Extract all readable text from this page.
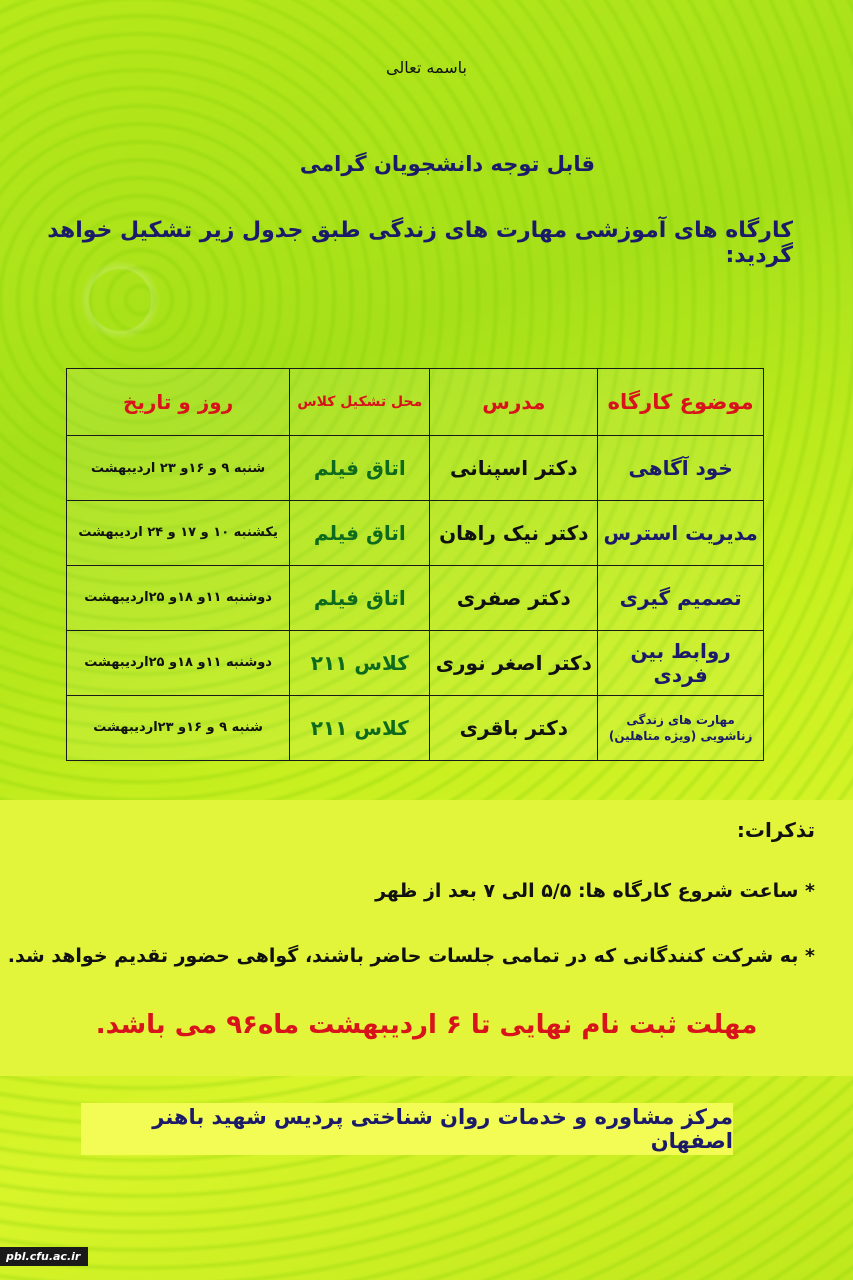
باسمه تعالی
قابل توجه دانشجویان گرامی
کارگاه های آموزشی مهارت های زندگی طبق جدول زیر تشکیل خواهد گردید:
موضوع کارگاه	مدرس	محل تشکیل کلاس	روز و تاریخ
خود آگاهی	دکتر اسپنانی	اتاق فیلم	شنبه ۹ و ۱۶و ۲۳ اردیبهشت
مدیریت استرس	دکتر نیک راهان	اتاق فیلم	یکشنبه ۱۰ و ۱۷ و ۲۴ اردیبهشت
تصمیم گیری	دکتر صفری	اتاق فیلم	دوشنبه ۱۱و ۱۸و ۲۵اردیبهشت
روابط بین فردی	دکتر اصغر نوری	کلاس ۲۱۱	دوشنبه ۱۱و ۱۸و ۲۵اردیبهشت
مهارت های زندگی زناشویی (ویژه متاهلین)	دکتر باقری	کلاس ۲۱۱	شنبه ۹ و ۱۶و ۲۳اردیبهشت
تذکرات:
* ساعت شروع کارگاه ها: ۵/۵ الی ۷ بعد از ظهر
* به شرکت کنندگانی که در تمامی جلسات حاضر باشند، گواهی حضور تقدیم خواهد شد.
مهلت ثبت نام نهایی تا ۶ اردیبهشت ماه۹۶ می باشد.
مرکز مشاوره و خدمات روان شناختی پردیس شهید باهنر اصفهان
pbl.cfu.ac.ir
